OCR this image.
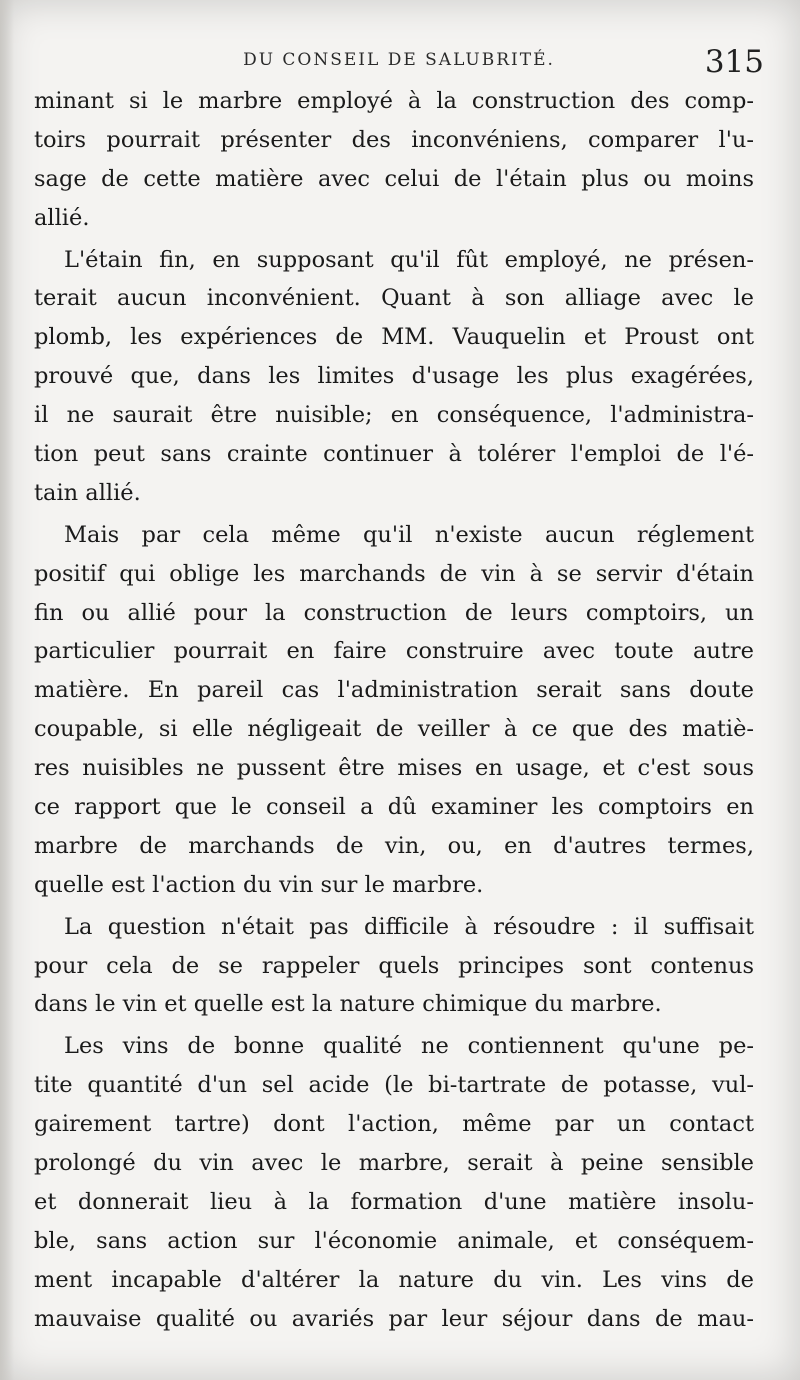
DU CONSEIL DE SALUBRITÉ.	315
minant si le marbre employé à la construction des comp-
toirs pourrait présenter des inconvéniens, comparer l'u-
sage de cette matière avec celui de l'étain plus ou moins
allié.
L'étain fin, en supposant qu'il fût employé, ne présen-
terait aucun inconvénient. Quant à son alliage avec le
plomb, les expériences de MM. Vauquelin et Proust ont
prouvé que, dans les limites d'usage les plus exagérées,
il ne saurait être nuisible; en conséquence, l'administra-
tion peut sans crainte continuer à tolérer l'emploi de l'é-
tain allié.
Mais par cela même qu'il n'existe aucun réglement
positif qui oblige les marchands de vin à se servir d'étain
fin ou allié pour la construction de leurs comptoirs, un
particulier pourrait en faire construire avec toute autre
matière. En pareil cas l'administration serait sans doute
coupable, si elle négligeait de veiller à ce que des matiè-
res nuisibles ne pussent être mises en usage, et c'est sous
ce rapport que le conseil a dû examiner les comptoirs en
marbre de marchands de vin, ou, en d'autres termes,
quelle est l'action du vin sur le marbre.
La question n'était pas difficile à résoudre : il suffisait
pour cela de se rappeler quels principes sont contenus
dans le vin et quelle est la nature chimique du marbre.
Les vins de bonne qualité ne contiennent qu'une pe-
tite quantité d'un sel acide (le bi-tartrate de potasse, vul-
gairement tartre) dont l'action, même par un contact
prolongé du vin avec le marbre, serait à peine sensible
et donnerait lieu à la formation d'une matière insolu-
ble, sans action sur l'économie animale, et conséquem-
ment incapable d'altérer la nature du vin. Les vins de
mauvaise qualité ou avariés par leur séjour dans de mau-
